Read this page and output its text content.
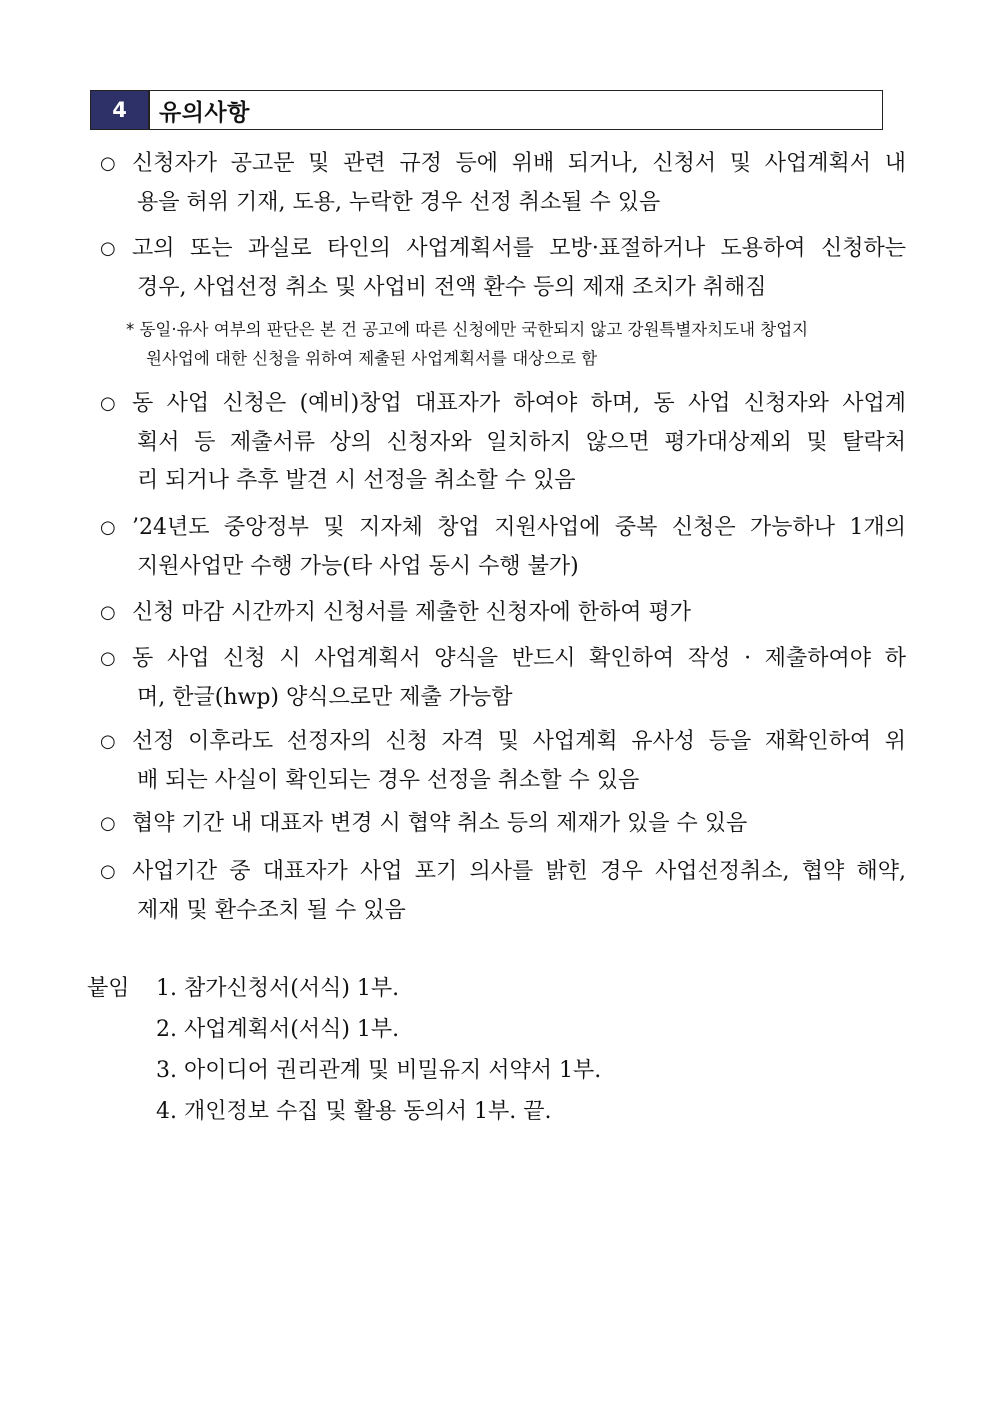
4	유의사항
○ 신청자가 공고문 및 관련 규정 등에 위배 되거나, 신청서 및 사업계획서 내
용을 허위 기재, 도용, 누락한 경우 선정 취소될 수 있음
○ 고의 또는 과실로 타인의 사업계획서를 모방·표절하거나 도용하여 신청하는
경우, 사업선정 취소 및 사업비 전액 환수 등의 제재 조치가 취해짐
* 동일·유사 여부의 판단은 본 건 공고에 따른 신청에만 국한되지 않고 강원특별자치도내 창업지
원사업에 대한 신청을 위하여 제출된 사업계획서를 대상으로 함
○ 동 사업 신청은 (예비)창업 대표자가 하여야 하며, 동 사업 신청자와 사업계
획서 등 제출서류 상의 신청자와 일치하지 않으면 평가대상제외 및 탈락처
리 되거나 추후 발견 시 선정을 취소할 수 있음
○ ’24년도 중앙정부 및 지자체 창업 지원사업에 중복 신청은 가능하나 1개의
지원사업만 수행 가능(타 사업 동시 수행 불가)
○ 신청 마감 시간까지 신청서를 제출한 신청자에 한하여 평가
○ 동 사업 신청 시 사업계획서 양식을 반드시 확인하여 작성 · 제출하여야 하
며, 한글(hwp) 양식으로만 제출 가능함
○ 선정 이후라도 선정자의 신청 자격 및 사업계획 유사성 등을 재확인하여 위
배 되는 사실이 확인되는 경우 선정을 취소할 수 있음
○ 협약 기간 내 대표자 변경 시 협약 취소 등의 제재가 있을 수 있음
○ 사업기간 중 대표자가 사업 포기 의사를 밝힌 경우 사업선정취소, 협약 해약,
제재 및 환수조치 될 수 있음
붙임 1. 참가신청서(서식) 1부.
2. 사업계획서(서식) 1부.
3. 아이디어 권리관계 및 비밀유지 서약서 1부.
4. 개인정보 수집 및 활용 동의서 1부. 끝.
